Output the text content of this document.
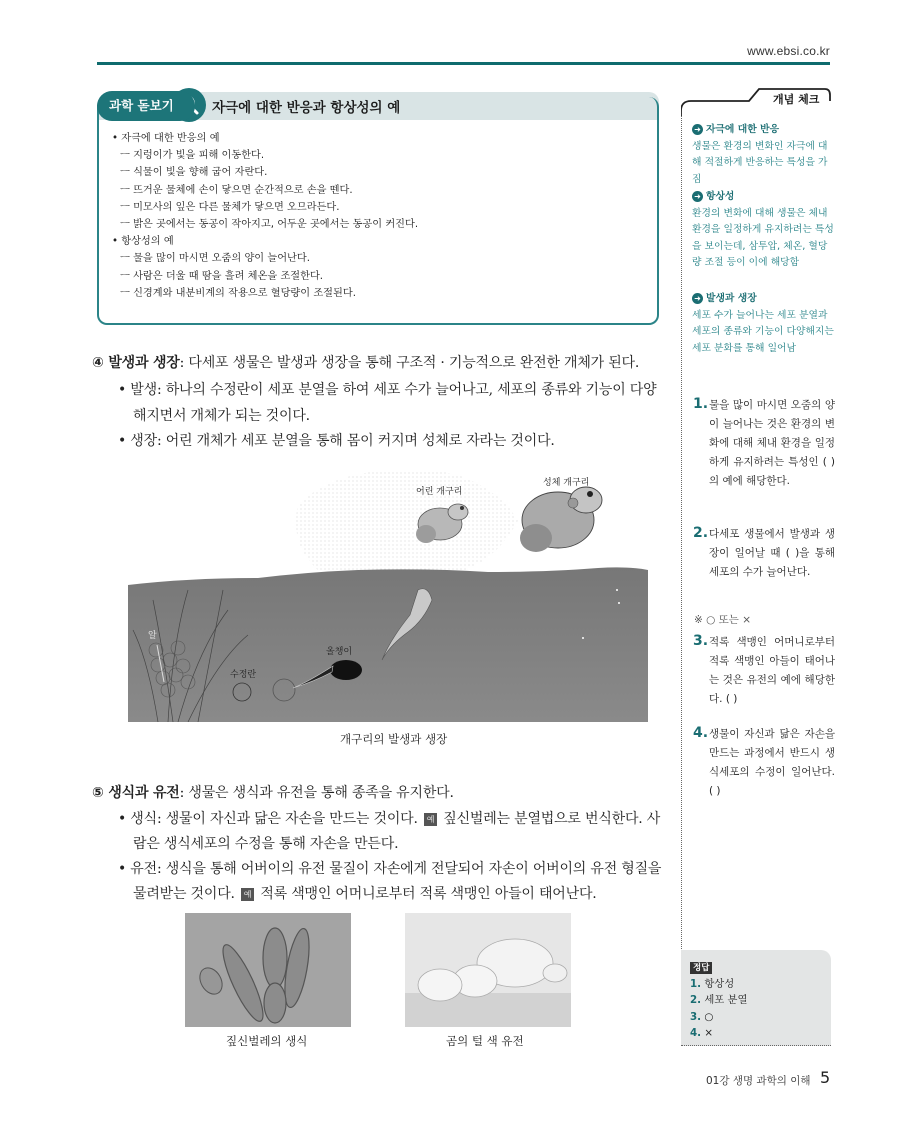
www.ebsi.co.kr
과학 돋보기	자극에 대한 반응과 항상성의 예
• 자극에 대한 반응의 예
ㅡ 지렁이가 빛을 피해 이동한다.
ㅡ 식물이 빛을 향해 굽어 자란다.
ㅡ 뜨거운 물체에 손이 닿으면 순간적으로 손을 뗀다.
ㅡ 미모사의 잎은 다른 물체가 닿으면 오므라든다.
ㅡ 밝은 곳에서는 동공이 작아지고, 어두운 곳에서는 동공이 커진다.
• 항상성의 예
ㅡ 물을 많이 마시면 오줌의 양이 늘어난다.
ㅡ 사람은 더울 때 땀을 흘려 체온을 조절한다.
ㅡ 신경계와 내분비계의 작용으로 혈당량이 조절된다.
④ 발생과 생장: 다세포 생물은 발생과 생장을 통해 구조적 · 기능적으로 완전한 개체가 된다.
• 발생: 하나의 수정란이 세포 분열을 하여 세포 수가 늘어나고, 세포의 종류와 기능이 다양
해지면서 개체가 되는 것이다.
• 생장: 어린 개체가 세포 분열을 통해 몸이 커지며 성체로 자라는 것이다.
어린 개구리
성체 개구리
알
올챙이
수정란
개구리의 발생과 생장
⑤ 생식과 유전: 생물은 생식과 유전을 통해 종족을 유지한다.
• 생식: 생물이 자신과 닮은 자손을 만드는 것이다. 예 짚신벌레는 분열법으로 번식한다. 사
람은 생식세포의 수정을 통해 자손을 만든다.
• 유전: 생식을 통해 어버이의 유전 물질이 자손에게 전달되어 자손이 어버이의 유전 형질을
물려받는 것이다. 예 적록 색맹인 어머니로부터 적록 색맹인 아들이 태어난다.
짚신벌레의 생식	곰의 털 색 유전
개념 체크
➜ 자극에 대한 반응
생물은 환경의 변화인 자극에 대해 적절하게 반응하는 특성을 가짐
➜ 항상성
환경의 변화에 대해 생물은 체내 환경을 일정하게 유지하려는 특성을 보이는데, 삼투압, 체온, 혈당량 조절 등이 이에 해당함
➜ 발생과 생장
세포 수가 늘어나는 세포 분열과 세포의 종류와 기능이 다양해지는 세포 분화를 통해 일어남
1. 물을 많이 마시면 오줌의 양이 늘어나는 것은 환경의 변화에 대해 체내 환경을 일정하게 유지하려는 특성인 ( )의 예에 해당한다.
2. 다세포 생물에서 발생과 생장이 일어날 때 ( )을 통해 세포의 수가 늘어난다.
※ ○ 또는 ×
3. 적록 색맹인 어머니로부터 적록 색맹인 아들이 태어나는 것은 유전의 예에 해당한다. ( )
4. 생물이 자신과 닮은 자손을 만드는 과정에서 반드시 생식세포의 수정이 일어난다. ( )
정답
1. 항상성
2. 세포 분열
3. ○
4. ×
01강 생명 과학의 이해 5
